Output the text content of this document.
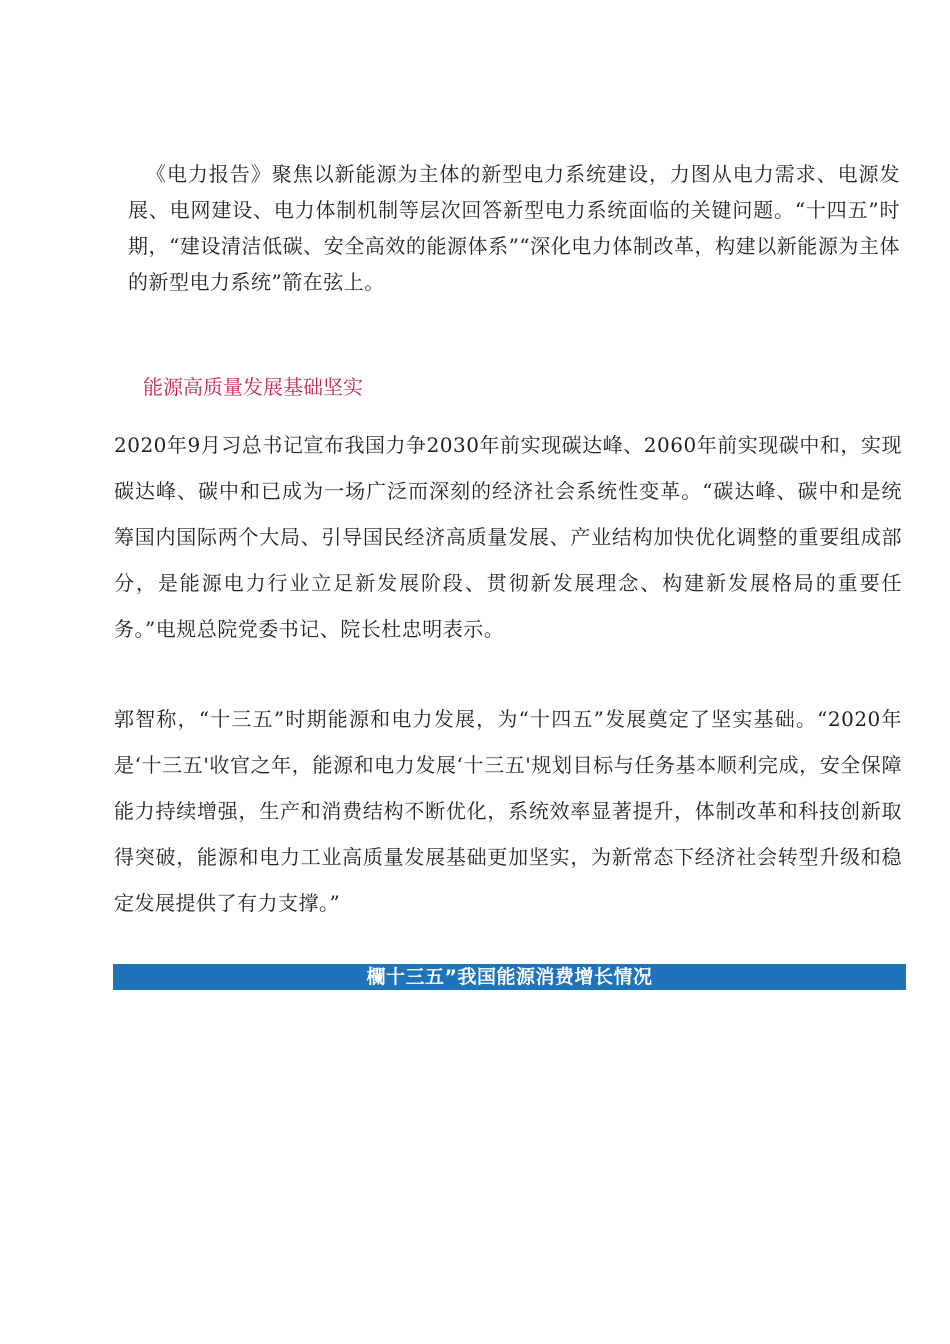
《电力报告》聚焦以新能源为主体的新型电力系统建设，力图从电力需求、电源发展、电网建设、电力体制机制等层次回答新型电力系统面临的关键问题。“十四五”时期，“建设清洁低碳、安全高效的能源体系”“深化电力体制改革，构建以新能源为主体的新型电力系统”箭在弦上。

能源高质量发展基础坚实

2020年9月习总书记宣布我国力争2030年前实现碳达峰、2060年前实现碳中和，实现碳达峰、碳中和已成为一场广泛而深刻的经济社会系统性变革。“碳达峰、碳中和是统筹国内国际两个大局、引导国民经济高质量发展、产业结构加快优化调整的重要组成部分，是能源电力行业立足新发展阶段、贯彻新发展理念、构建新发展格局的重要任务。”电规总院党委书记、院长杜忠明表示。

郭智称，“十三五”时期能源和电力发展，为“十四五”发展奠定了坚实基础。“2020年是‘十三五'收官之年，能源和电力发展‘十三五'规划目标与任务基本顺利完成，安全保障能力持续增强，生产和消费结构不断优化，系统效率显著提升，体制改革和科技创新取得突破，能源和电力工业高质量发展基础更加坚实，为新常态下经济社会转型升级和稳定发展提供了有力支撑。”

欄十三五”我国能源消费增长情况
